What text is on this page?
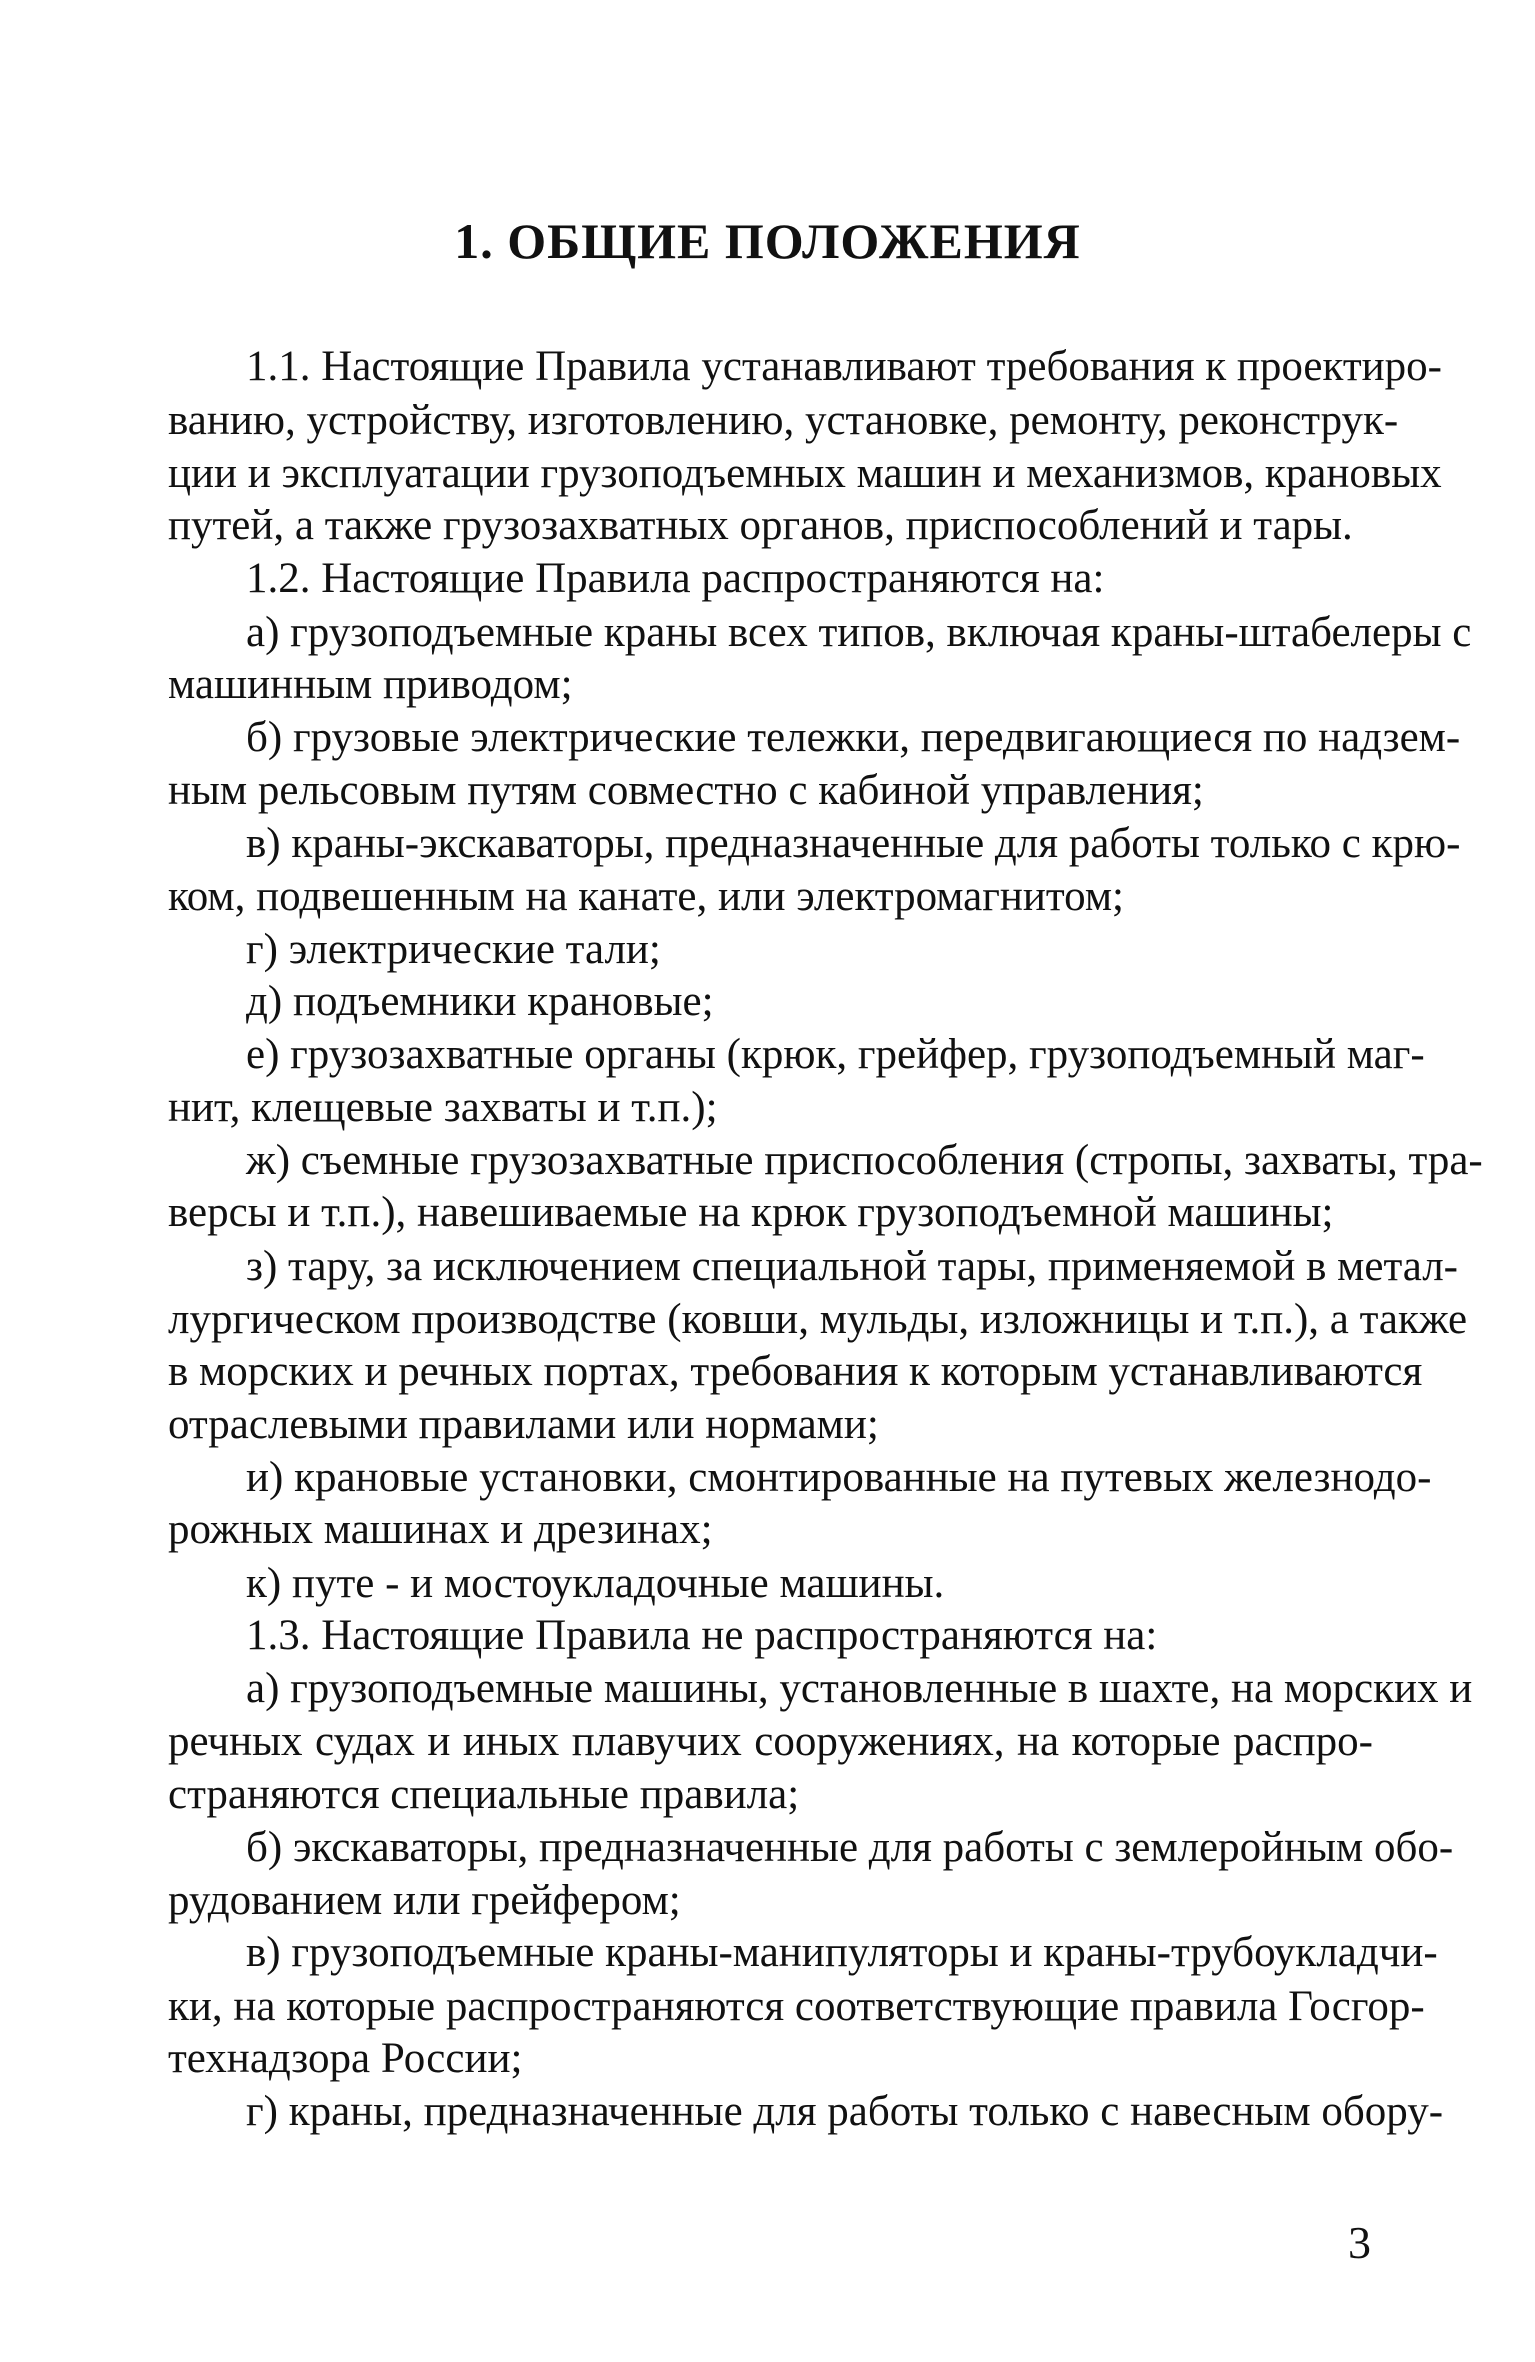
1. ОБЩИЕ ПОЛОЖЕНИЯ
1.1. Настоящие Правила устанавливают требования к проектиро-
ванию, устройству, изготовлению, установке, ремонту, реконструк-
ции и эксплуатации грузоподъемных машин и механизмов, крановых
путей, а также грузозахватных органов, приспособлений и тары.
1.2. Настоящие Правила распространяются на:
а) грузоподъемные краны всех типов, включая краны-штабелеры с
машинным приводом;
б) грузовые электрические тележки, передвигающиеся по надзем-
ным рельсовым путям совместно с кабиной управления;
в) краны-экскаваторы, предназначенные для работы только с крю-
ком, подвешенным на канате, или электромагнитом;
г) электрические тали;
д) подъемники крановые;
е) грузозахватные органы (крюк, грейфер, грузоподъемный маг-
нит, клещевые захваты и т.п.);
ж) съемные грузозахватные приспособления (стропы, захваты, тра-
версы и т.п.), навешиваемые на крюк грузоподъемной машины;
з) тару, за исключением специальной тары, применяемой в метал-
лургическом производстве (ковши, мульды, изложницы и т.п.), а также
в морских и речных портах, требования к которым устанавливаются
отраслевыми правилами или нормами;
и) крановые установки, смонтированные на путевых железнодо-
рожных машинах и дрезинах;
к) путе - и мостоукладочные машины.
1.3. Настоящие Правила не распространяются на:
а) грузоподъемные машины, установленные в шахте, на морских и
речных судах и иных плавучих сооружениях, на которые распро-
страняются специальные правила;
б) экскаваторы, предназначенные для работы с землеройным обо-
рудованием или грейфером;
в) грузоподъемные краны-манипуляторы и краны-трубоукладчи-
ки, на которые распространяются соответствующие правила Госгор-
технадзора России;
г) краны, предназначенные для работы только с навесным обору-
3
